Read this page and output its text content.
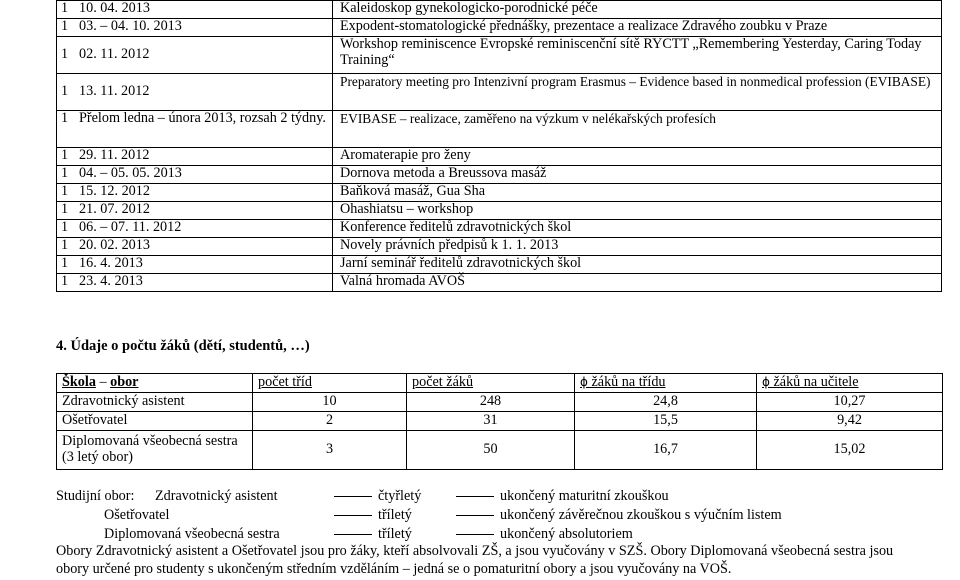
1	10. 04. 2013	Kaleidoskop gynekologicko-porodnické péče
1	03. – 04. 10. 2013	Expodent-stomatologické přednášky, prezentace a realizace Zdravého zoubku v Praze
1	02. 11. 2012	Workshop reminiscence Evropské reminiscenční sítě RYCTT „Remembering Yesterday, Caring Today Training“
1	13. 11. 2012	Preparatory meeting pro Intenzivní program Erasmus – Evidence based in nonmedical profession (EVIBASE)
1	Přelom ledna – února 2013, rozsah 2 týdny.	EVIBASE – realizace, zaměřeno na výzkum v nelékařských profesích
1	29. 11. 2012	Aromaterapie pro ženy
1	04. – 05. 05. 2013	Dornova metoda a Breussova masáž
1	15. 12. 2012	Baňková masáž, Gua Sha
1	21. 07. 2012	Ohashiatsu – workshop
1	06. – 07. 11. 2012	Konference ředitelů zdravotnických škol
1	20. 02. 2013	Novely právních předpisů k 1. 1. 2013
1	16. 4. 2013	Jarní seminář ředitelů zdravotnických škol
1	23. 4. 2013	Valná hromada AVOŠ
4. Údaje o počtu žáků (dětí, studentů, …)
Škola – obor	počet tříd	počet žáků	ϕ žáků na třídu	ϕ žáků na učitele
Zdravotnický asistent	10	248	24,8	10,27
Ošetřovatel	2	31	15,5	9,42

Diplomovaná všeobecná sestra
(3 letý obor)	3	50	16,7	15,02
Studijní obor: Zdravotnický asistent	čtyřletý	ukončený maturitní zkouškou
Ošetřovatel	tříletý	ukončený závěrečnou zkouškou s výučním listem
Diplomovaná všeobecná sestra	tříletý	ukončený absolutoriem

Obory Zdravotnický asistent a Ošetřovatel jsou pro žáky, kteří absolvovali ZŠ, a jsou vyučovány v SZŠ. Obory Diplomovaná všeobecná sestra jsou

obory určené pro studenty s ukončeným středním vzděláním – jedná se o pomaturitní obory a jsou vyučovány na VOŠ.
